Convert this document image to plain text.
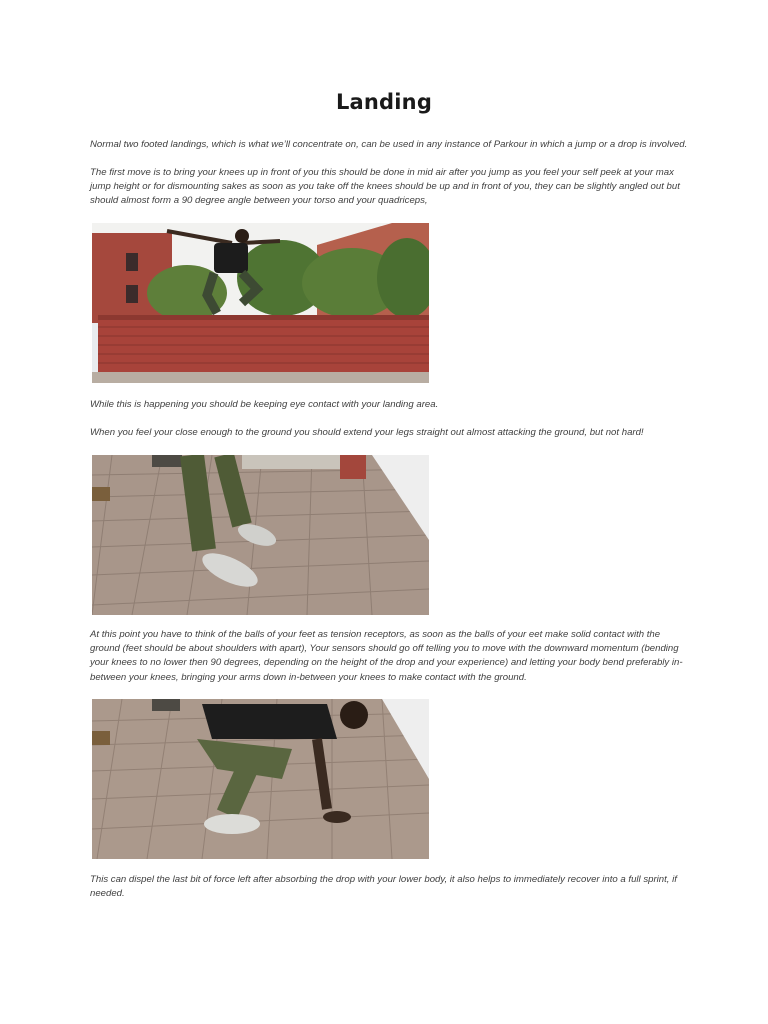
Landing

Normal two footed landings, which is what we’ll concentrate on, can be used in any instance of Parkour in which a jump or a drop is involved.

The first move is to bring your knees up in front of you this should be done in mid air after you jump as you feel your self peek at your max jump height or for dismounting sakes as soon as you take off the knees should be up and in front of you, they can be slightly angled out but should almost form a 90 degree angle between your torso and your quadriceps,

While this is happening you should be keeping eye contact with your landing area.

When you feel your close enough to the ground you should extend your legs straight out almost attacking the ground, but not hard!

At this point you have to think of the balls of your feet as tension receptors, as soon as the balls of your eet make solid contact with the ground (feet should be about shoulders with apart), Your sensors should go off telling you to move with the downward momentum (bending your knees to no lower then 90 degrees, depending on the height of the drop and your experience) and letting your body bend preferably in-between your knees, bringing your arms down in-between your knees to make contact with the ground.

This can dispel the last bit of force left after absorbing the drop with your lower body, it also helps to immediately recover into a full sprint, if needed.
